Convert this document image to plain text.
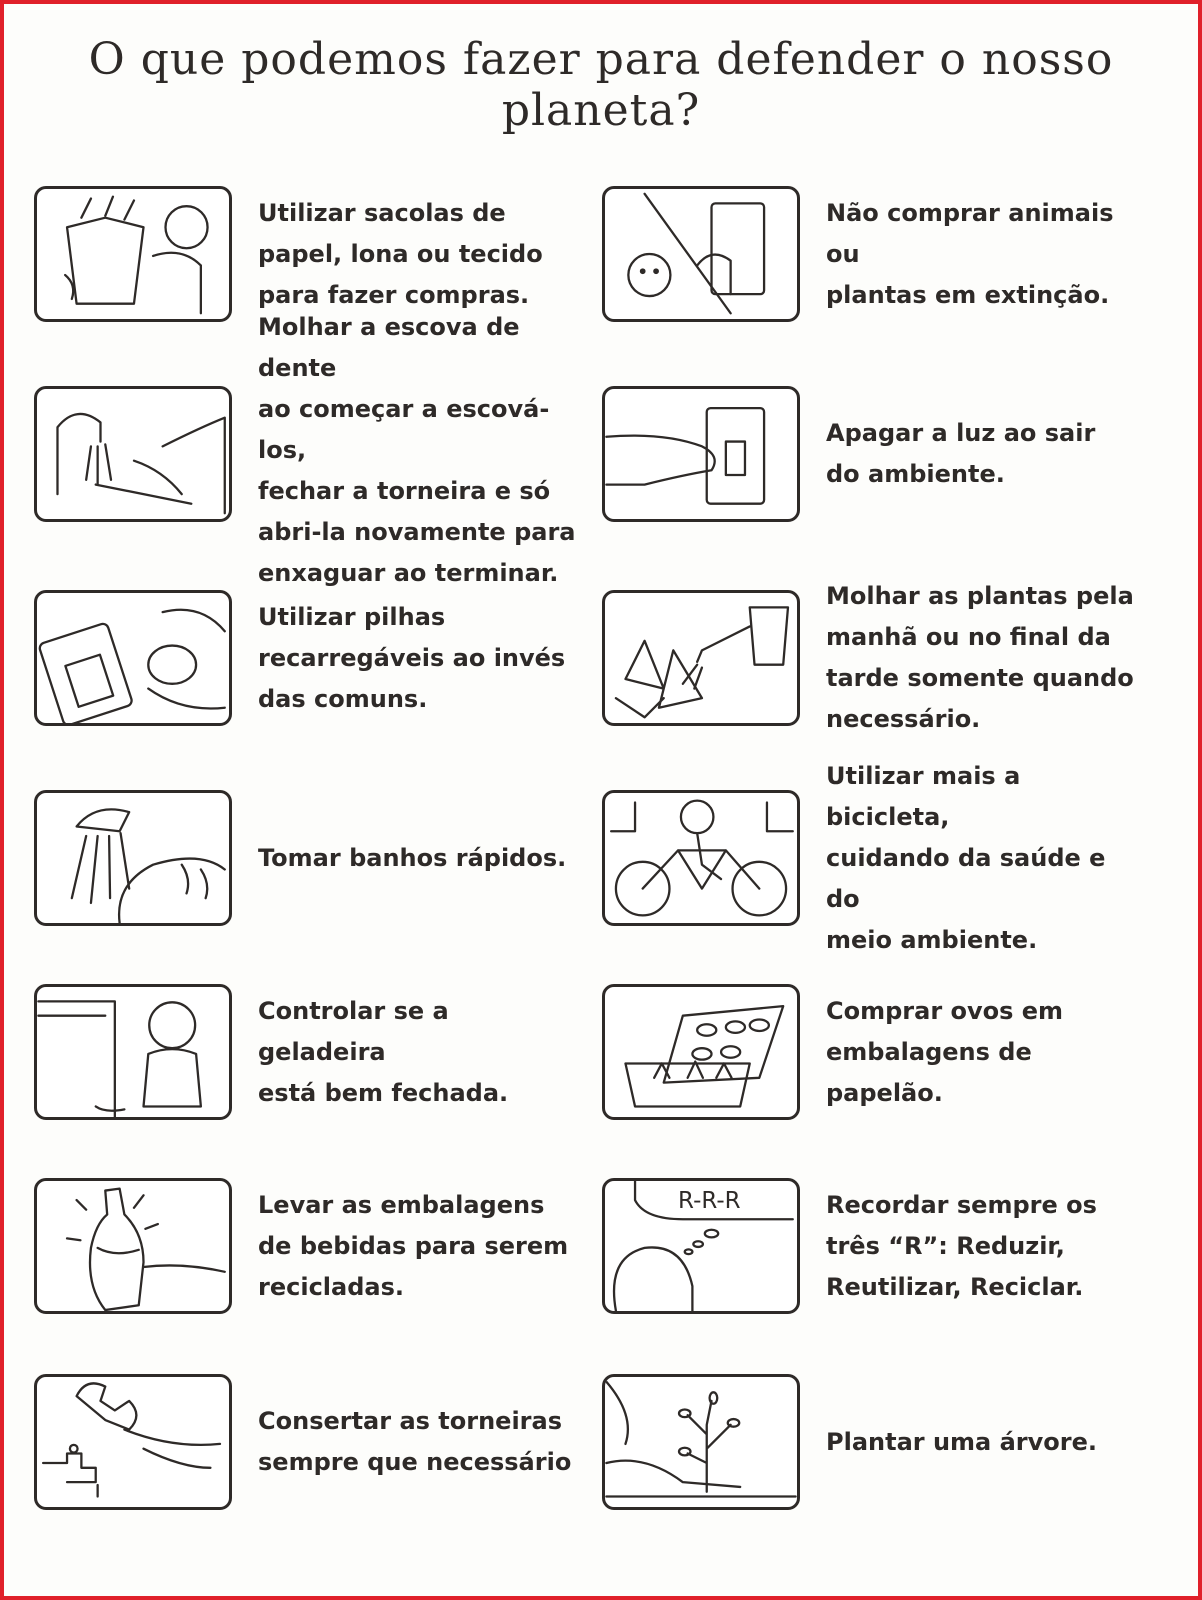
O que podemos fazer para defender o nosso planeta?
Utilizar sacolas de
papel, lona ou tecido
para fazer compras.
Não comprar animais ou
plantas em extinção.
Molhar a escova de dente
ao começar a escová-los,
fechar a torneira e só
abri-la novamente para
enxaguar ao terminar.
Apagar a luz ao sair
do ambiente.
Utilizar pilhas
recarregáveis ao invés
das comuns.
Molhar as plantas pela
manhã ou no final da
tarde somente quando
necessário.
Tomar banhos rápidos.
Utilizar mais a bicicleta,
cuidando da saúde e do
meio ambiente.
Controlar se a geladeira
está bem fechada.
Comprar ovos em
embalagens de papelão.
Levar as embalagens
de bebidas para serem
recicladas.
R-R-R	Recordar sempre os
três “R”: Reduzir,
Reutilizar, Reciclar.
Consertar as torneiras
sempre que necessário
Plantar uma árvore.
